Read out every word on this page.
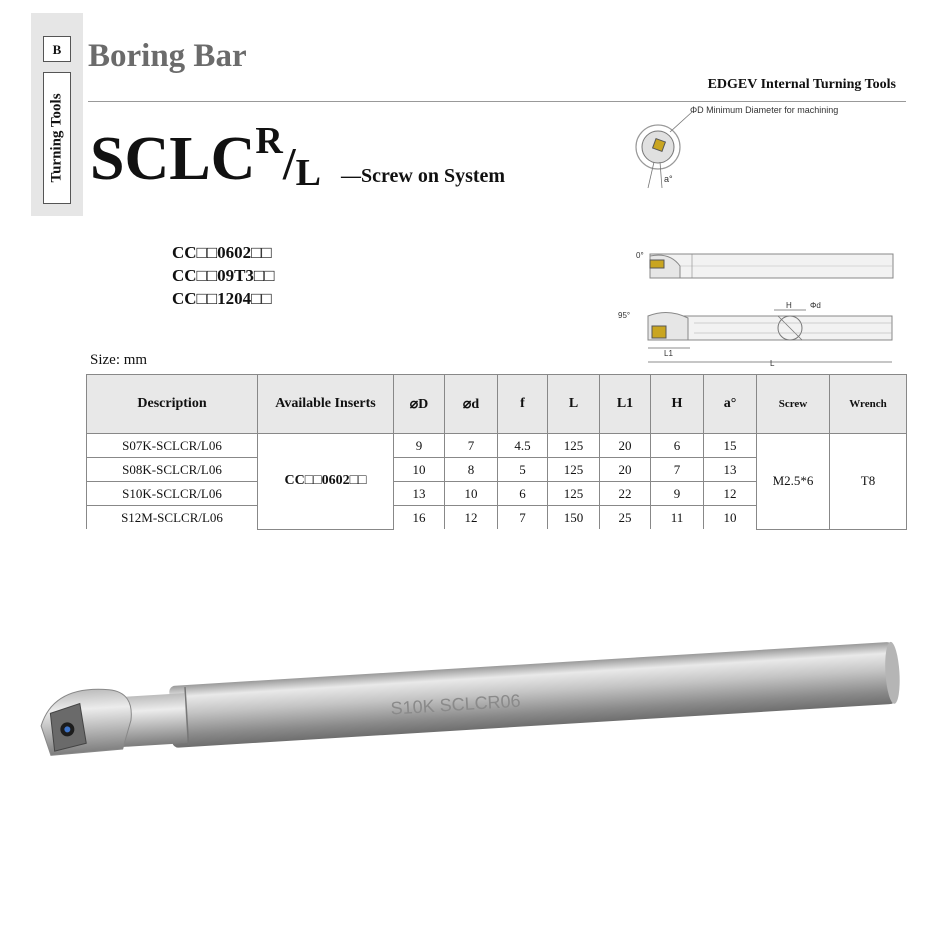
B
Turning Tools
Boring Bar
EDGEV Internal Turning Tools
$SCLC^R/L$ —Screw on System
CC□□0602□□
CC□□09T3□□
CC□□1204□□
ΦD Minimum Diameter for machining
a°
0°
95°
H Φd
L1
L
Size: mm
Description	Available Inserts	⌀D	⌀d	f	L	L1	H	a°	Screw	Wrench
S07K-SCLCR/L06	CC□□0602□□	9	7	4.5	125	20	6	15	M2.5*6	T8
S08K-SCLCR/L06		10	8	5	125	20	7	13		
S10K-SCLCR/L06		13	10	6	125	22	9	12		
S12M-SCLCR/L06		16	12	7	150	25	11	10		
S10K SCLCR06
